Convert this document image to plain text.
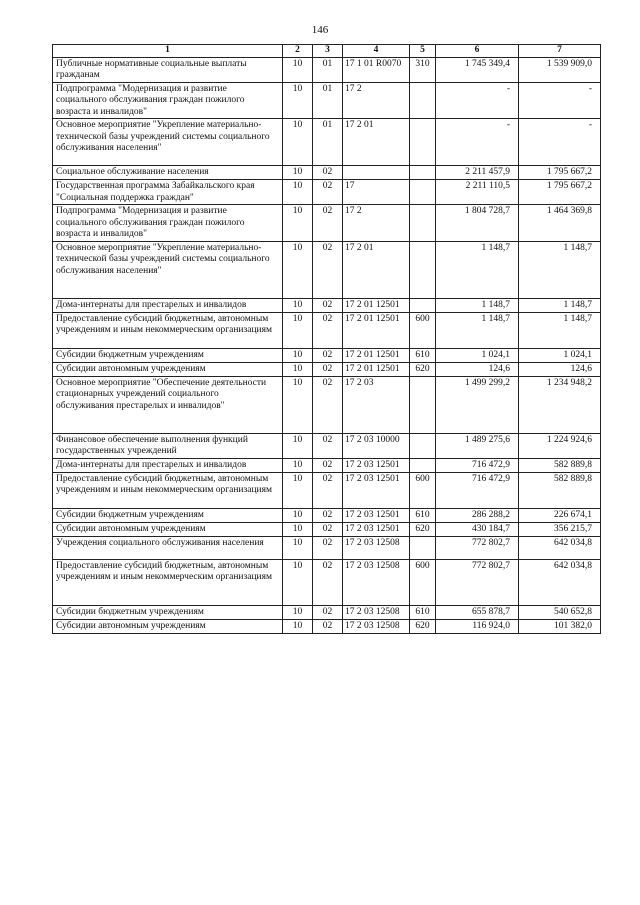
146
1	2	3	4	5	6	7
Публичные нормативные социальные выплаты гражданам	10	01	17 1 01 R0070	310	1 745 349,4	1 539 909,0
Подпрограмма "Модернизация и развитие социального обслуживания граждан пожилого возраста и инвалидов"	10	01	17 2		-	-
Основное мероприятие "Укрепление материально-технической базы учреждений системы социального обслуживания населения"	10	01	17 2 01		-	-
Социальное обслуживание населения	10	02			2 211 457,9	1 795 667,2
Государственная программа Забайкальского края "Социальная поддержка граждан"	10	02	17		2 211 110,5	1 795 667,2
Подпрограмма "Модернизация и развитие социального обслуживания граждан пожилого возраста и инвалидов"	10	02	17 2		1 804 728,7	1 464 369,8
Основное мероприятие "Укрепление материально-технической базы учреждений системы социального обслуживания населения"	10	02	17 2 01		1 148,7	1 148,7
Дома-интернаты для престарелых и инвалидов	10	02	17 2 01 12501		1 148,7	1 148,7
Предоставление субсидий бюджетным, автономным учреждениям и иным некоммерческим организациям	10	02	17 2 01 12501	600	1 148,7	1 148,7
Субсидии бюджетным учреждениям	10	02	17 2 01 12501	610	1 024,1	1 024,1
Субсидии автономным учреждениям	10	02	17 2 01 12501	620	124,6	124,6
Основное мероприятие "Обеспечение деятельности стационарных учреждений социального обслуживания престарелых и инвалидов"	10	02	17 2 03		1 499 299,2	1 234 948,2
Финансовое обеспечение выполнения функций государственных учреждений	10	02	17 2 03 10000		1 489 275,6	1 224 924,6
Дома-интернаты для престарелых и инвалидов	10	02	17 2 03 12501		716 472,9	582 889,8
Предоставление субсидий бюджетным, автономным учреждениям и иным некоммерческим организациям	10	02	17 2 03 12501	600	716 472,9	582 889,8
Субсидии бюджетным учреждениям	10	02	17 2 03 12501	610	286 288,2	226 674,1
Субсидии автономным учреждениям	10	02	17 2 03 12501	620	430 184,7	356 215,7
Учреждения социального обслуживания населения	10	02	17 2 03 12508		772 802,7	642 034,8
Предоставление субсидий бюджетным, автономным учреждениям и иным некоммерческим организациям	10	02	17 2 03 12508	600	772 802,7	642 034,8
Субсидии бюджетным учреждениям	10	02	17 2 03 12508	610	655 878,7	540 652,8
Субсидии автономным учреждениям	10	02	17 2 03 12508	620	116 924,0	101 382,0
